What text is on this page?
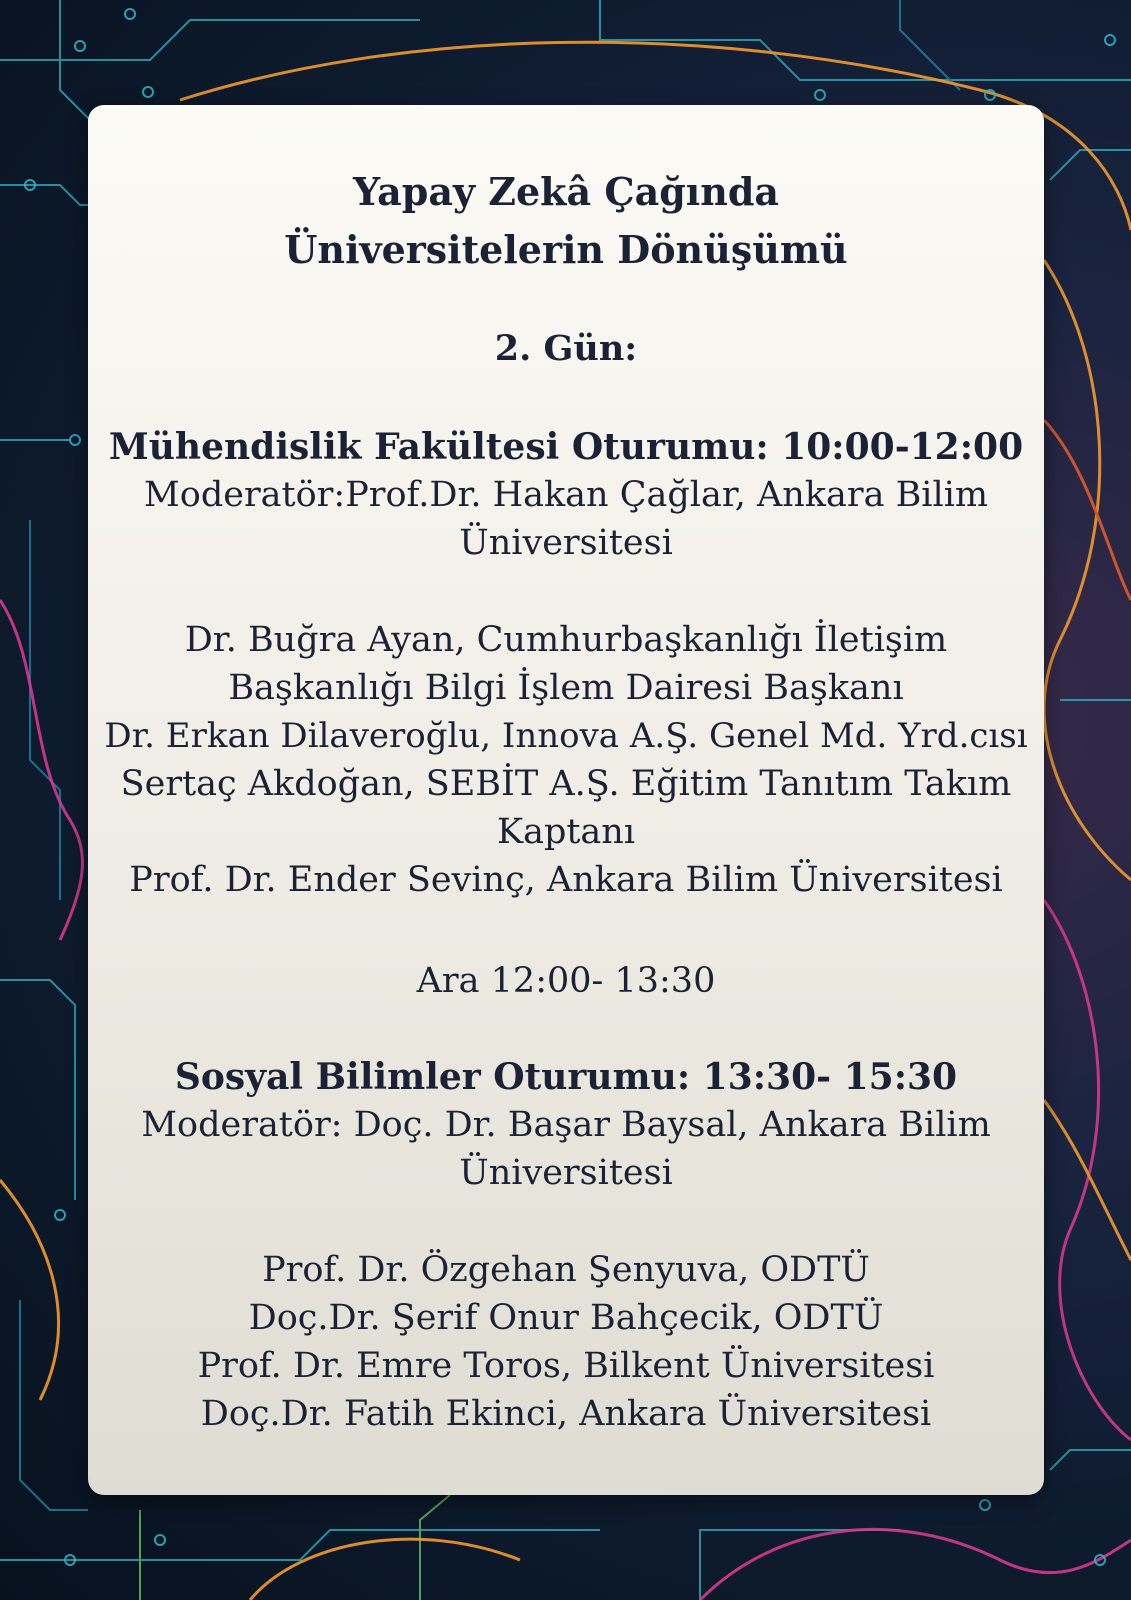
Yapay Zekâ Çağında
Üniversitelerin Dönüşümü
2. Gün:
Mühendislik Fakültesi Oturumu: 10:00-12:00
Moderatör:Prof.Dr. Hakan Çağlar, Ankara Bilim
Üniversitesi
Dr. Buğra Ayan, Cumhurbaşkanlığı İletişim
Başkanlığı Bilgi İşlem Dairesi Başkanı
Dr. Erkan Dilaveroğlu, Innova A.Ş. Genel Md. Yrd.cısı
Sertaç Akdoğan, SEBİT A.Ş. Eğitim Tanıtım Takım
Kaptanı
Prof. Dr. Ender Sevinç, Ankara Bilim Üniversitesi
Ara 12:00- 13:30
Sosyal Bilimler Oturumu: 13:30- 15:30
Moderatör: Doç. Dr. Başar Baysal, Ankara Bilim
Üniversitesi
Prof. Dr. Özgehan Şenyuva, ODTÜ
Doç.Dr. Şerif Onur Bahçecik, ODTÜ
Prof. Dr. Emre Toros, Bilkent Üniversitesi
Doç.Dr. Fatih Ekinci, Ankara Üniversitesi
